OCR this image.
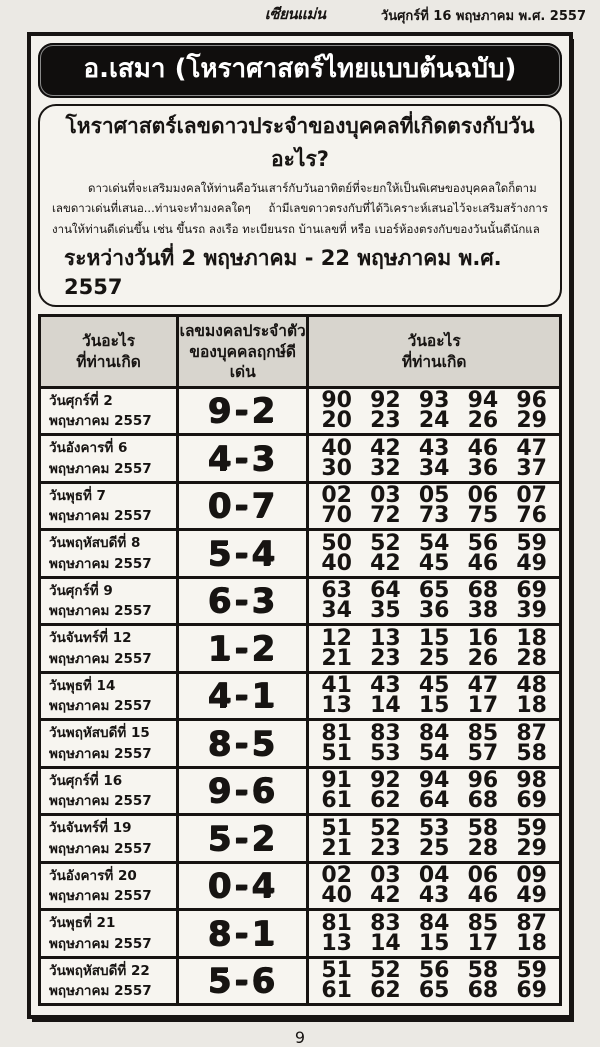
เซียนแม่น	วันศุกร์ที่ 16 พฤษภาคม พ.ศ. 2557
อ.เสมา (โหราศาสตร์ไทยแบบต้นฉบับ)
โหราศาสตร์เลขดาวประจำของบุคคลที่เกิดตรงกับวันอะไร?

ดาวเด่นที่จะเสริมมงคลให้ท่านคือวันเสาร์กับวันอาทิตย์ที่จะยกให้เป็นพิเศษของบุคคลใดก็ตามเลขดาวเด่นที่เสนอ...ท่านจะทำมงคลใดๆ ถ้ามีเลขดาวตรงกับที่ได้วิเคราะห์เสนอไว้จะเสริมสร้างการงานให้ท่านดีเด่นขึ้น เช่น ขึ้นรถ ลงเรือ ทะเบียนรถ บ้านเลขที่ หรือ เบอร์ห้องตรงกับของวันนั้นดีนักแล

ระหว่างวันที่ 2 พฤษภาคม - 22 พฤษภาคม พ.ศ. 2557
วันอะไร
ที่ท่านเกิด

เลขมงคลประจำตัว
ของบุคคลฤกษ์ดีเด่น

วันอะไร
ที่ท่านเกิด

วันศุกร์ที่ 2
พฤษภาคม 2557	9-2	90 92 93 94 96
20 23 24 26 29

วันอังคารที่ 6
พฤษภาคม 2557	4-3	40 42 43 46 47
30 32 34 36 37

วันพุธที่ 7
พฤษภาคม 2557	0-7	02 03 05 06 07
70 72 73 75 76

วันพฤหัสบดีที่ 8
พฤษภาคม 2557	5-4	50 52 54 56 59
40 42 45 46 49

วันศุกร์ที่ 9
พฤษภาคม 2557	6-3	63 64 65 68 69
34 35 36 38 39

วันจันทร์ที่ 12
พฤษภาคม 2557	1-2	12 13 15 16 18
21 23 25 26 28

วันพุธที่ 14
พฤษภาคม 2557	4-1	41 43 45 47 48
13 14 15 17 18

วันพฤหัสบดีที่ 15
พฤษภาคม 2557	8-5	81 83 84 85 87
51 53 54 57 58

วันศุกร์ที่ 16
พฤษภาคม 2557	9-6	91 92 94 96 98
61 62 64 68 69

วันจันทร์ที่ 19
พฤษภาคม 2557	5-2	51 52 53 58 59
21 23 25 28 29

วันอังคารที่ 20
พฤษภาคม 2557	0-4	02 03 04 06 09
40 42 43 46 49

วันพุธที่ 21
พฤษภาคม 2557	8-1	81 83 84 85 87
13 14 15 17 18

วันพฤหัสบดีที่ 22
พฤษภาคม 2557	5-6	51 52 56 58 59
61 62 65 68 69
9
